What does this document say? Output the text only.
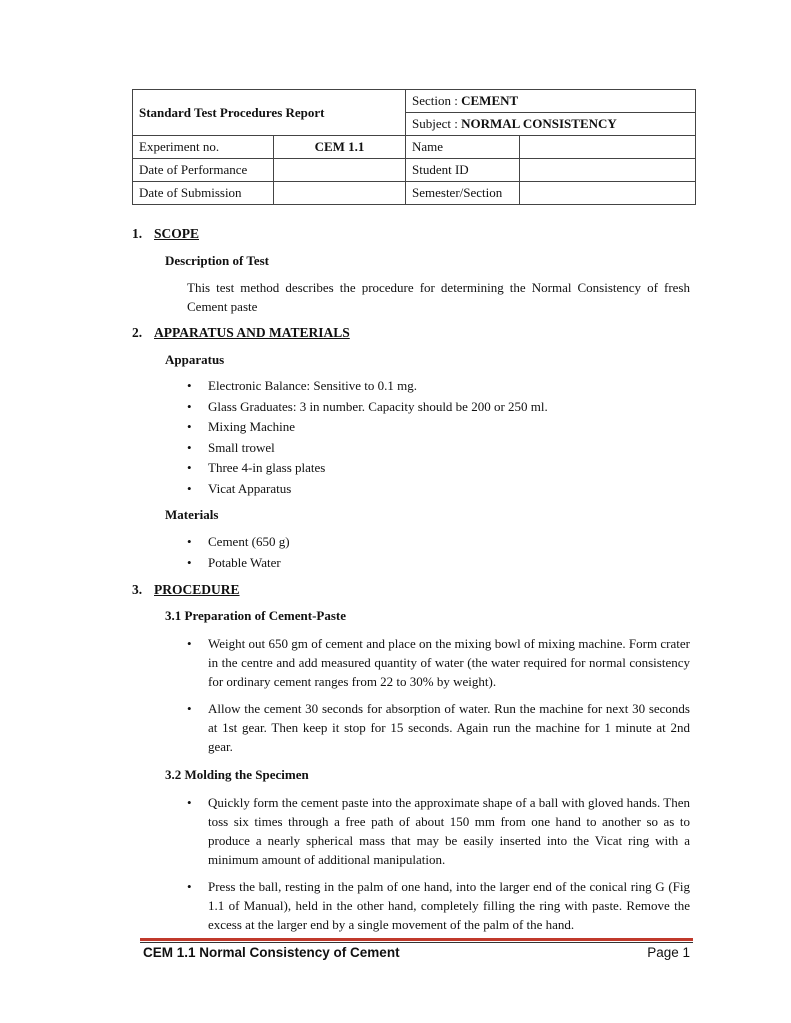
Standard Test Procedures Report		Section : CEMENT	
		Subject : NORMAL CONSISTENCY	
Experiment no.	CEM 1.1	Name	
Date of Performance		Student ID	
Date of Submission		Semester/Section	
1. SCOPE
Description of Test
This test method describes the procedure for determining the Normal Consistency of fresh Cement paste
2. APPARATUS AND MATERIALS
Apparatus
• Electronic Balance: Sensitive to 0.1 mg.
• Glass Graduates: 3 in number. Capacity should be 200 or 250 ml.
• Mixing Machine
• Small trowel
• Three 4-in glass plates
• Vicat Apparatus
Materials
• Cement (650 g)
• Potable Water
3. PROCEDURE
3.1 Preparation of Cement-Paste
• Weight out 650 gm of cement and place on the mixing bowl of mixing machine. Form crater in the centre and add measured quantity of water (the water required for normal consistency for ordinary cement ranges from 22 to 30% by weight).
• Allow the cement 30 seconds for absorption of water. Run the machine for next 30 seconds at 1st gear. Then keep it stop for 15 seconds. Again run the machine for 1 minute at 2nd gear.
3.2 Molding the Specimen
• Quickly form the cement paste into the approximate shape of a ball with gloved hands. Then toss six times through a free path of about 150 mm from one hand to another so as to produce a nearly spherical mass that may be easily inserted into the Vicat ring with a minimum amount of additional manipulation.
• Press the ball, resting in the palm of one hand, into the larger end of the conical ring G (Fig 1.1 of Manual), held in the other hand, completely filling the ring with paste. Remove the excess at the larger end by a single movement of the palm of the hand.
CEM 1.1 Normal Consistency of Cement	Page 1
